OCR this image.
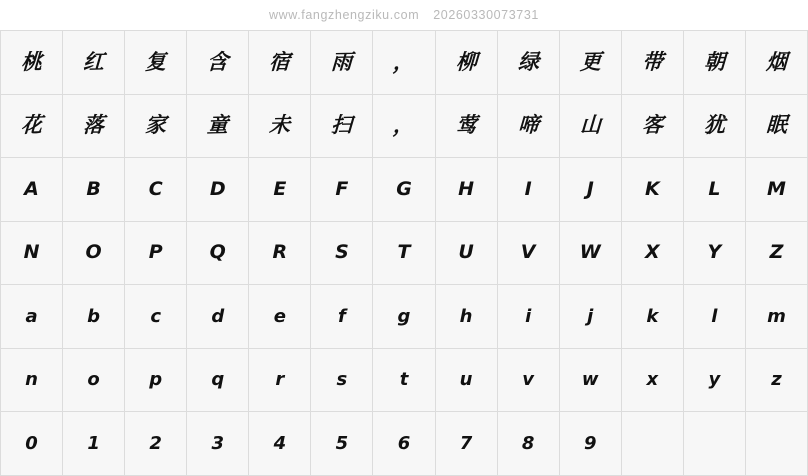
www.fangzhengziku.com 20260330073731
桃 红 复 含 宿 雨 ， 柳 绿 更 带 朝 烟
花 落 家 童 未 扫 ， 莺 啼 山 客 犹 眠
A B	C D	E	F	G H	I	J	K	L M
N O P Q R	S	T	U V W X	Y	Z
a	b	c	d	e	f	g	h	i	j	k	l	m
n	o	p	q	r	s	t	u	v	w	x	y	z
0	1	2	3	4	5	6	7	8	9
